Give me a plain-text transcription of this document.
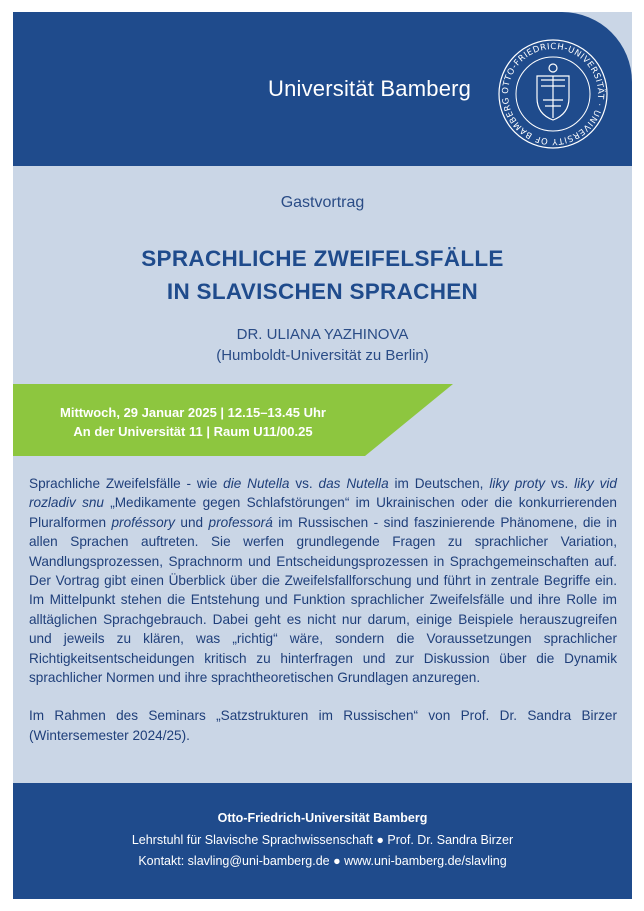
Universität Bamberg	OTTO-FRIEDRICH-UNIVERSITÄT · UNIVERSITY OF BAMBERG
Gastvortrag
SPRACHLICHE ZWEIFELSFÄLLE
IN SLAVISCHEN SPRACHEN
DR. ULIANA YAZHINOVA
(Humboldt-Universität zu Berlin)
Mittwoch, 29 Januar 2025 | 12.15–13.45 Uhr
An der Universität 11 | Raum U11/00.25

Sprachliche Zweifelsfälle - wie die Nutella vs. das Nutella im Deutschen, liky proty vs. liky vid rozladiv snu „Medikamente gegen Schlafstörungen“ im Ukrainischen oder die konkurrierenden Pluralformen proféssory und professorá im Russischen - sind faszinierende Phänomene, die in allen Sprachen auftreten. Sie werfen grundlegende Fragen zu sprachlicher Variation, Wandlungsprozessen, Sprachnorm und Entscheidungsprozessen in Sprachgemeinschaften auf. Der Vortrag gibt einen Überblick über die Zweifelsfallforschung und führt in zentrale Begriffe ein. Im Mittelpunkt stehen die Entstehung und Funktion sprachlicher Zweifelsfälle und ihre Rolle im alltäglichen Sprachgebrauch. Dabei geht es nicht nur darum, einige Beispiele herauszugreifen und jeweils zu klären, was „richtig“ wäre, sondern die Voraussetzungen sprachlicher Richtigkeitsentscheidungen kritisch zu hinterfragen und zur Diskussion über die Dynamik sprachlicher Normen und ihre sprachtheoretischen Grundlagen anzuregen.

Im Rahmen des Seminars „Satzstrukturen im Russischen“ von Prof. Dr. Sandra Birzer (Wintersemester 2024/25).

Otto-Friedrich-Universität Bamberg
Lehrstuhl für Slavische Sprachwissenschaft ● Prof. Dr. Sandra Birzer
Kontakt: slavling@uni-bamberg.de ● www.uni-bamberg.de/slavling
